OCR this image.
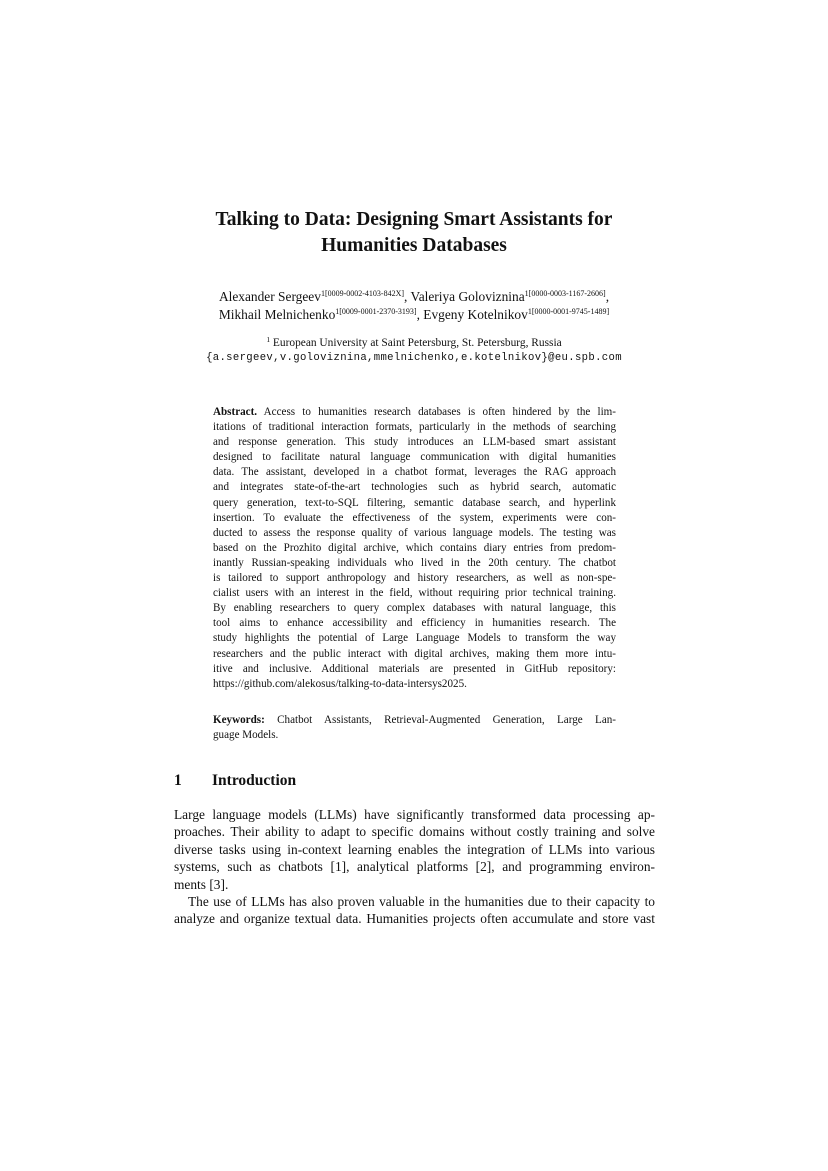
Talking to Data: Designing Smart Assistants for
Humanities Databases
Alexander Sergeev$^{1[0009-0002-4103-842X]}$, Valeriya Goloviznina$^{1[0000-0003-1167-2606]}$,
Mikhail Melnichenko$^{1[0009-0001-2370-3193]}$, Evgeny Kotelnikov$^{1[0000-0001-9745-1489]}$
$^1$ European University at Saint Petersburg, St. Petersburg, Russia
{a.sergeev,v.goloviznina,mmelnichenko,e.kotelnikov}@eu.spb.com
Abstract. Access to humanities research databases is often hindered by the lim-
itations of traditional interaction formats, particularly in the methods of searching
and response generation. This study introduces an LLM-based smart assistant
designed to facilitate natural language communication with digital humanities
data. The assistant, developed in a chatbot format, leverages the RAG approach
and integrates state-of-the-art technologies such as hybrid search, automatic
query generation, text-to-SQL filtering, semantic database search, and hyperlink
insertion. To evaluate the effectiveness of the system, experiments were con-
ducted to assess the response quality of various language models. The testing was
based on the Prozhito digital archive, which contains diary entries from predom-
inantly Russian-speaking individuals who lived in the 20th century. The chatbot
is tailored to support anthropology and history researchers, as well as non-spe-
cialist users with an interest in the field, without requiring prior technical training.
By enabling researchers to query complex databases with natural language, this
tool aims to enhance accessibility and efficiency in humanities research. The
study highlights the potential of Large Language Models to transform the way
researchers and the public interact with digital archives, making them more intu-
itive and inclusive. Additional materials are presented in GitHub repository:
https://github.com/alekosus/talking-to-data-intersys2025.
Keywords: Chatbot Assistants, Retrieval-Augmented Generation, Large Lan-
guage Models.
1 Introduction
Large language models (LLMs) have significantly transformed data processing ap-
proaches. Their ability to adapt to specific domains without costly training and solve
diverse tasks using in-context learning enables the integration of LLMs into various
systems, such as chatbots [1], analytical platforms [2], and programming environ-
ments [3].
The use of LLMs has also proven valuable in the humanities due to their capacity to
analyze and organize textual data. Humanities projects often accumulate and store vast
